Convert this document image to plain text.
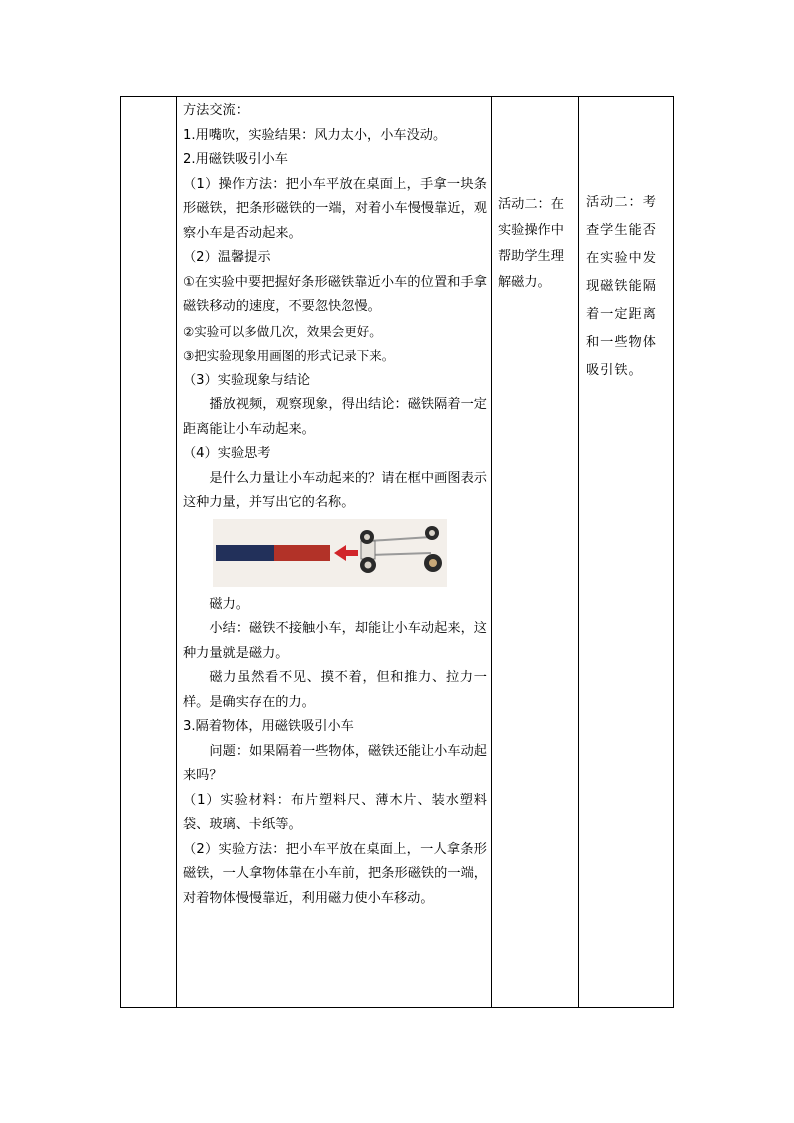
方法交流：

1.用嘴吹，实验结果：风力太小，小车没动。

2.用磁铁吸引小车

（1）操作方法：把小车平放在桌面上，手拿一块条形磁铁，把条形磁铁的一端，对着小车慢慢靠近，观察小车是否动起来。

（2）温馨提示

①在实验中要把握好条形磁铁靠近小车的位置和手拿磁铁移动的速度，不要忽快忽慢。

②实验可以多做几次，效果会更好。

③把实验现象用画图的形式记录下来。

（3）实验现象与结论

播放视频，观察现象，得出结论：磁铁隔着一定距离能让小车动起来。

（4）实验思考

是什么力量让小车动起来的？请在框中画图表示这种力量，并写出它的名称。

磁力。

小结：磁铁不接触小车，却能让小车动起来，这种力量就是磁力。

磁力虽然看不见、摸不着，但和推力、拉力一样。是确实存在的力。

3.隔着物体，用磁铁吸引小车

问题：如果隔着一些物体，磁铁还能让小车动起来吗？

（1）实验材料：布片塑料尺、薄木片、装水塑料袋、玻璃、卡纸等。

（2）实验方法：把小车平放在桌面上，一人拿条形磁铁，一人拿物体靠在小车前，把条形磁铁的一端，对着物体慢慢靠近，利用磁力使小车移动。

活动二：在实验操作中帮助学生理解磁力。

活动二：考查学生能否在实验中发现磁铁能隔着一定距离和一些物体吸引铁。
